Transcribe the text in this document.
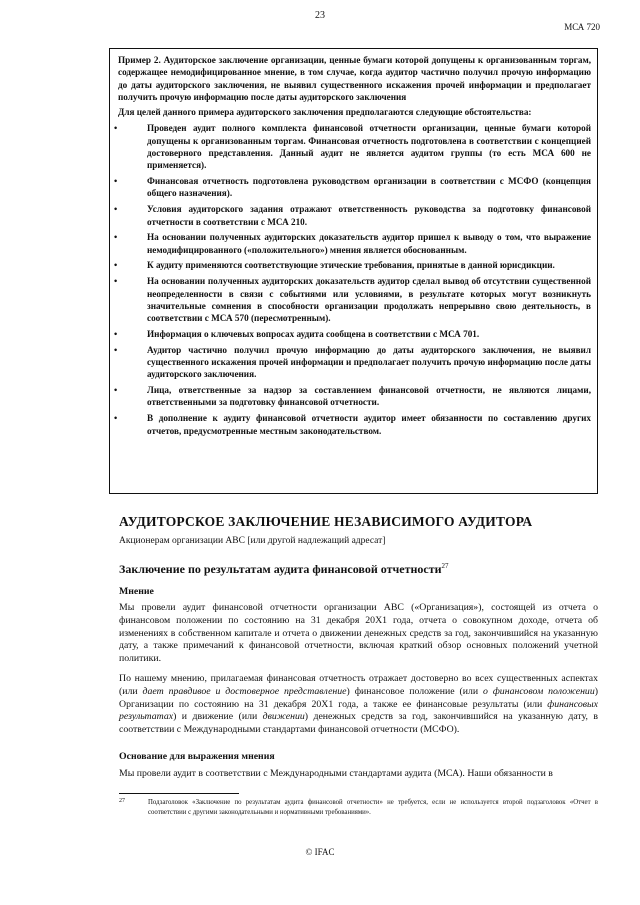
23
МСА 720

Пример 2. Аудиторское заключение организации, ценные бумаги которой допущены к организованным торгам, содержащее немодифицированное мнение, в том случае, когда аудитор частично получил прочую информацию до даты аудиторского заключения, не выявил существенного искажения прочей информации и предполагает получить прочую информацию после даты аудиторского заключения

Для целей данного примера аудиторского заключения предполагаются следующие обстоятельства:

•	Проведен аудит полного комплекта финансовой отчетности организации, ценные бумаги которой допущены к организованным торгам. Финансовая отчетность подготовлена в соответствии с концепцией достоверного представления. Данный аудит не является аудитом группы (то есть МСА 600 не применяется).
•	Финансовая отчетность подготовлена руководством организации в соответствии с МСФО (концепция общего назначения).
•	Условия аудиторского задания отражают ответственность руководства за подготовку финансовой отчетности в соответствии с МСА 210.
•	На основании полученных аудиторских доказательств аудитор пришел к выводу о том, что выражение немодифицированного («положительного») мнения является обоснованным.
•	К аудиту применяются соответствующие этические требования, принятые в данной юрисдикции.
•	На основании полученных аудиторских доказательств аудитор сделал вывод об отсутствии существенной неопределенности в связи с событиями или условиями, в результате которых могут возникнуть значительные сомнения в способности организации продолжать непрерывно свою деятельность, в соответствии с МСА 570 (пересмотренным).
•	Информация о ключевых вопросах аудита сообщена в соответствии с МСА 701.
•	Аудитор частично получил прочую информацию до даты аудиторского заключения, не выявил существенного искажения прочей информации и предполагает получить прочую информацию после даты аудиторского заключения.
•	Лица, ответственные за надзор за составлением финансовой отчетности, не являются лицами, ответственными за подготовку финансовой отчетности.
•	В дополнение к аудиту финансовой отчетности аудитор имеет обязанности по составлению других отчетов, предусмотренные местным законодательством.
АУДИТОРСКОЕ ЗАКЛЮЧЕНИЕ НЕЗАВИСИМОГО АУДИТОРА
Акционерам организации ABC [или другой надлежащий адресат]
Заключение по результатам аудита финансовой отчетности$^{27}$
Мнение

Мы провели аудит финансовой отчетности организации ABC («Организация»), состоящей из отчета о финансовом положении по состоянию на 31 декабря 20X1 года, отчета о совокупном доходе, отчета об изменениях в собственном капитале и отчета о движении денежных средств за год, закончившийся на указанную дату, а также примечаний к финансовой отчетности, включая краткий обзор основных положений учетной политики.

По нашему мнению, прилагаемая финансовая отчетность отражает достоверно во всех существенных аспектах (или дает правдивое и достоверное представление) финансовое положение (или о финансовом положении) Организации по состоянию на 31 декабря 20X1 года, а также ее финансовые результаты (или финансовых результатах) и движение (или движении) денежных средств за год, закончившийся на указанную дату, в соответствии с Международными стандартами финансовой отчетности (МСФО).

Основание для выражения мнения

Мы провели аудит в соответствии с Международными стандартами аудита (МСА). Наши обязанности в

27	Подзаголовок «Заключение по результатам аудита финансовой отчетности» не требуется, если не используется второй подзаголовок «Отчет в соответствии с другими законодательными и нормативными требованиями».
© IFAC
